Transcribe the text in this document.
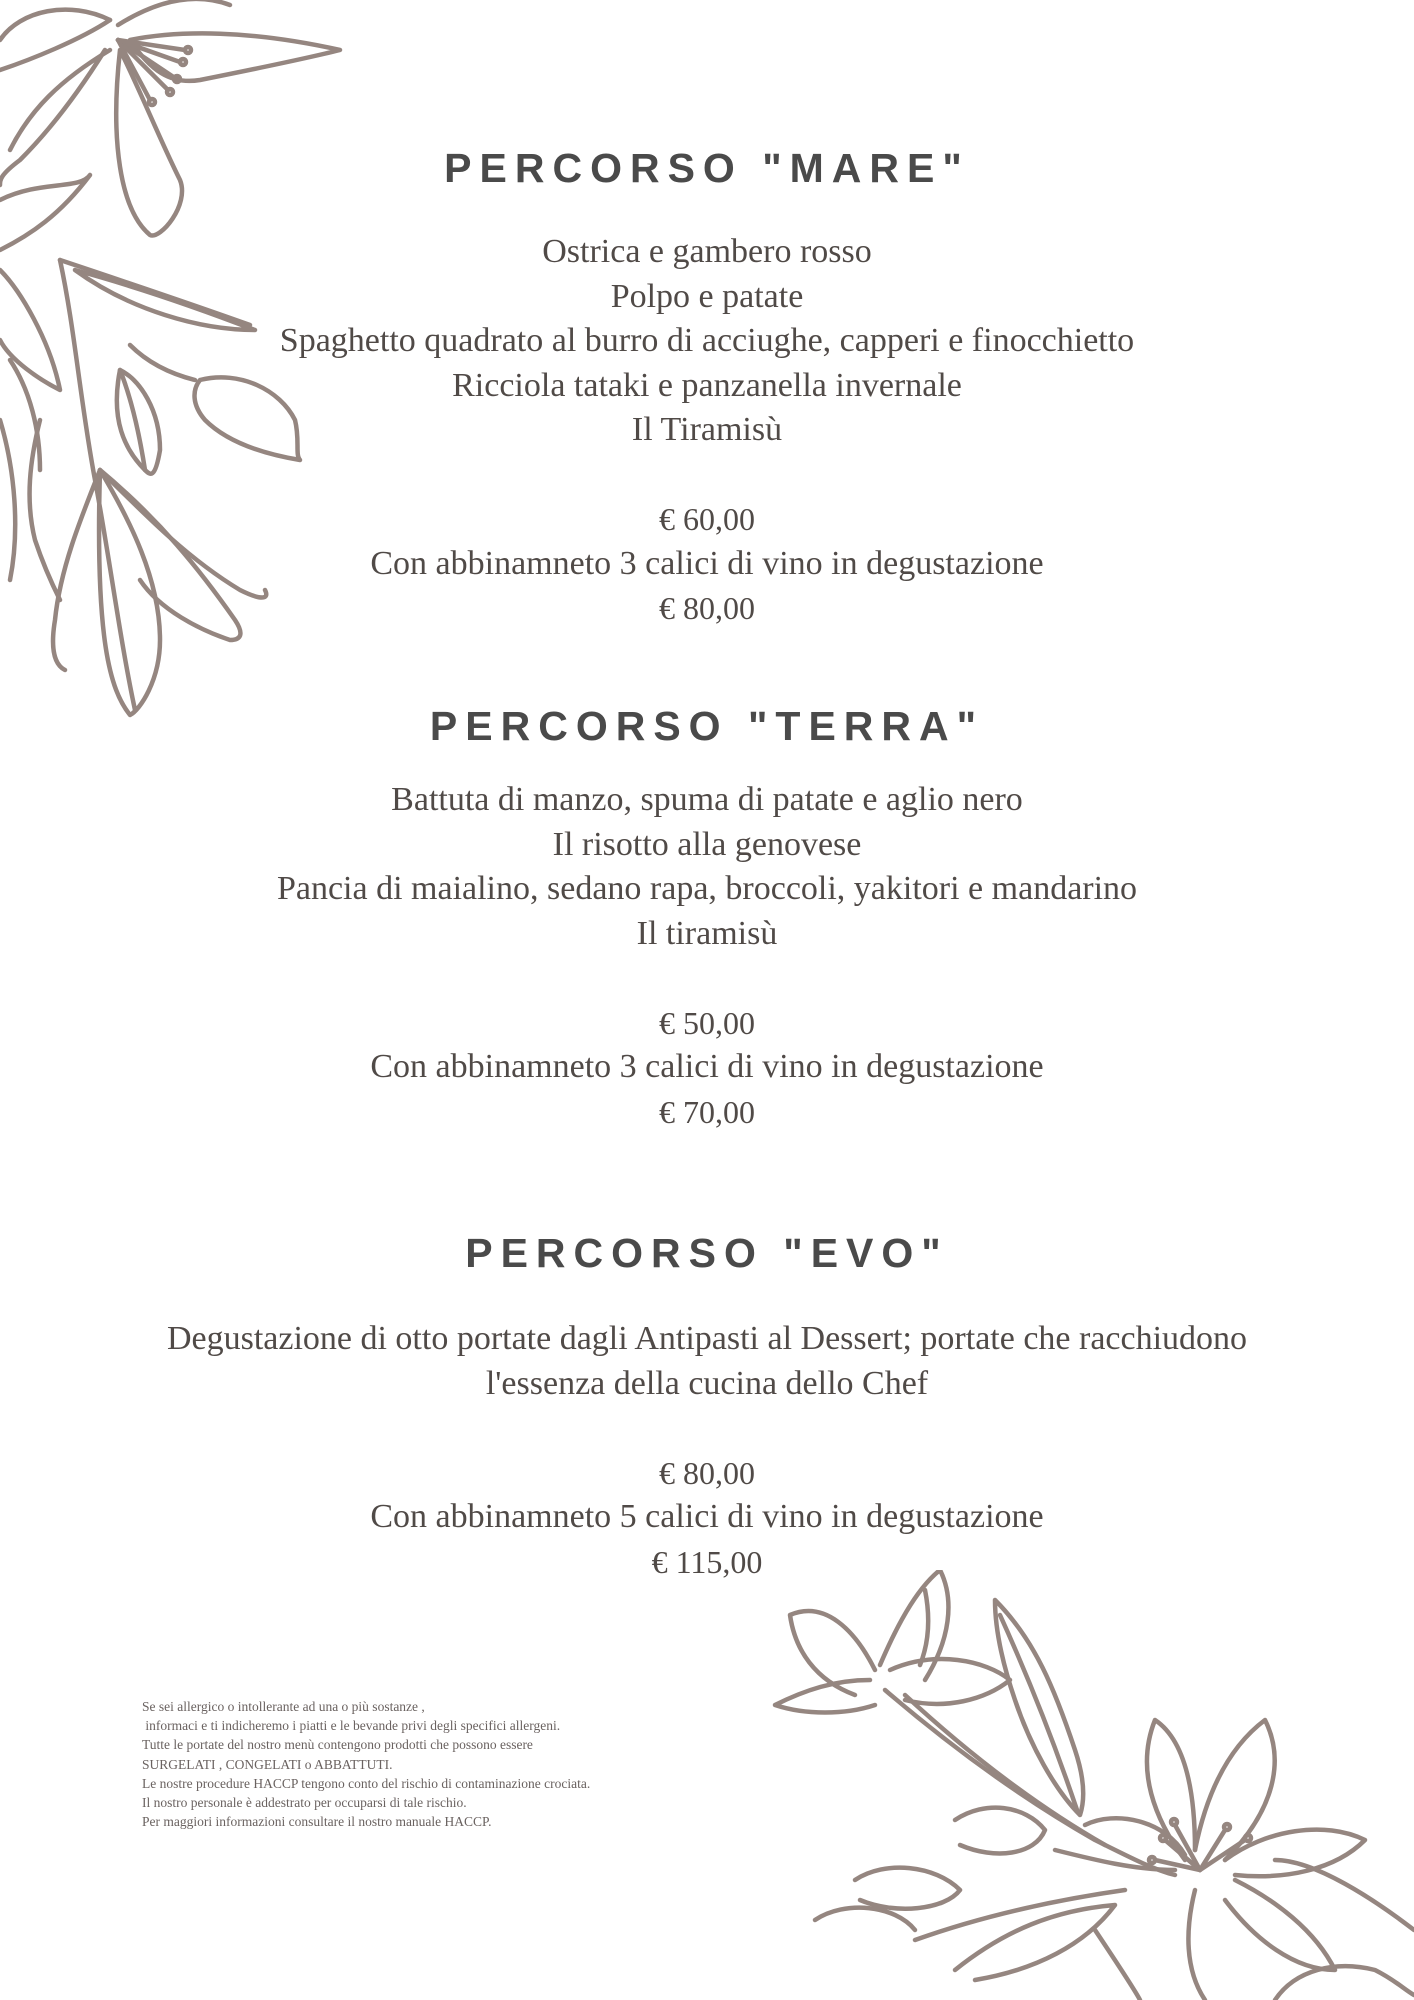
PERCORSO "MARE"
Ostrica e gambero rosso
Polpo e patate
Spaghetto quadrato al burro di acciughe, capperi e finocchietto
Ricciola tataki e panzanella invernale
Il Tiramisù
€ 60,00
Con abbinamneto 3 calici di vino in degustazione
€ 80,00
PERCORSO "TERRA"
Battuta di manzo, spuma di patate e aglio nero
Il risotto alla genovese
Pancia di maialino, sedano rapa, broccoli, yakitori e mandarino
Il tiramisù
€ 50,00
Con abbinamneto 3 calici di vino in degustazione
€ 70,00
PERCORSO "EVO"
Degustazione di otto portate dagli Antipasti al Dessert; portate che racchiudono
l'essenza della cucina dello Chef
€ 80,00
Con abbinamneto 5 calici di vino in degustazione
€ 115,00
Se sei allergico o intollerante ad una o più sostanze ,
informaci e ti indicheremo i piatti e le bevande privi degli specifici allergeni.
Tutte le portate del nostro menù contengono prodotti che possono essere
SURGELATI , CONGELATI o ABBATTUTI.
Le nostre procedure HACCP tengono conto del rischio di contaminazione crociata.
Il nostro personale è addestrato per occuparsi di tale rischio.
Per maggiori informazioni consultare il nostro manuale HACCP.
